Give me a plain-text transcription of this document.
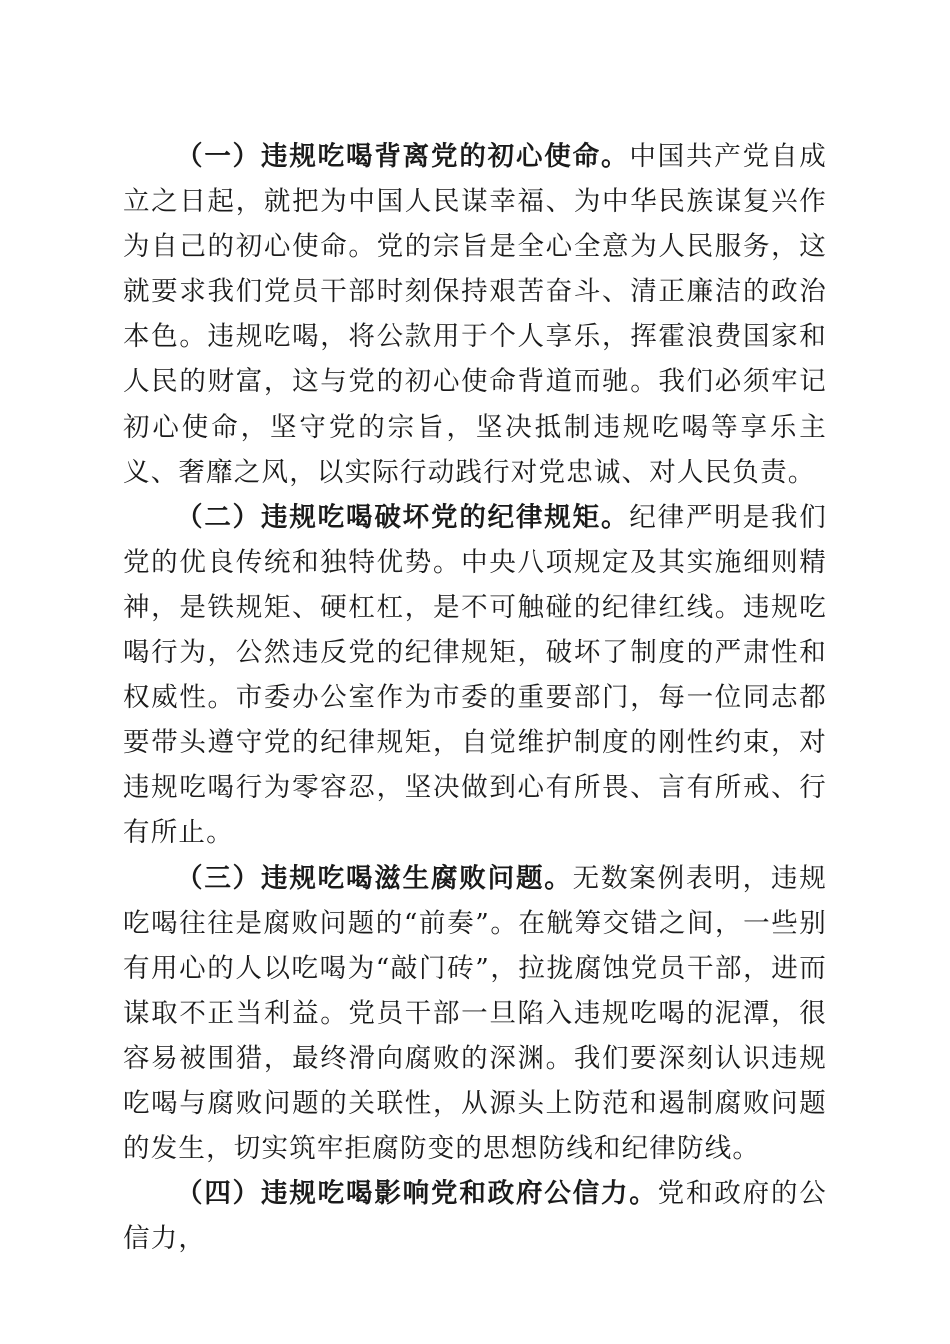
（一）违规吃喝背离党的初心使命。中国共产党自成立之日起，就把为中国人民谋幸福、为中华民族谋复兴作为自己的初心使命。党的宗旨是全心全意为人民服务，这就要求我们党员干部时刻保持艰苦奋斗、清正廉洁的政治本色。违规吃喝，将公款用于个人享乐，挥霍浪费国家和人民的财富，这与党的初心使命背道而驰。我们必须牢记初心使命，坚守党的宗旨，坚决抵制违规吃喝等享乐主义、奢靡之风，以实际行动践行对党忠诚、对人民负责。

（二）违规吃喝破坏党的纪律规矩。纪律严明是我们党的优良传统和独特优势。中央八项规定及其实施细则精神，是铁规矩、硬杠杠，是不可触碰的纪律红线。违规吃喝行为，公然违反党的纪律规矩，破坏了制度的严肃性和权威性。市委办公室作为市委的重要部门，每一位同志都要带头遵守党的纪律规矩，自觉维护制度的刚性约束，对违规吃喝行为零容忍，坚决做到心有所畏、言有所戒、行有所止。

（三）违规吃喝滋生腐败问题。无数案例表明，违规吃喝往往是腐败问题的“前奏”。在觥筹交错之间，一些别有用心的人以吃喝为“敲门砖”，拉拢腐蚀党员干部，进而谋取不正当利益。党员干部一旦陷入违规吃喝的泥潭，很容易被围猎，最终滑向腐败的深渊。我们要深刻认识违规吃喝与腐败问题的关联性，从源头上防范和遏制腐败问题的发生，切实筑牢拒腐防变的思想防线和纪律防线。

（四）违规吃喝影响党和政府公信力。党和政府的公信力，
